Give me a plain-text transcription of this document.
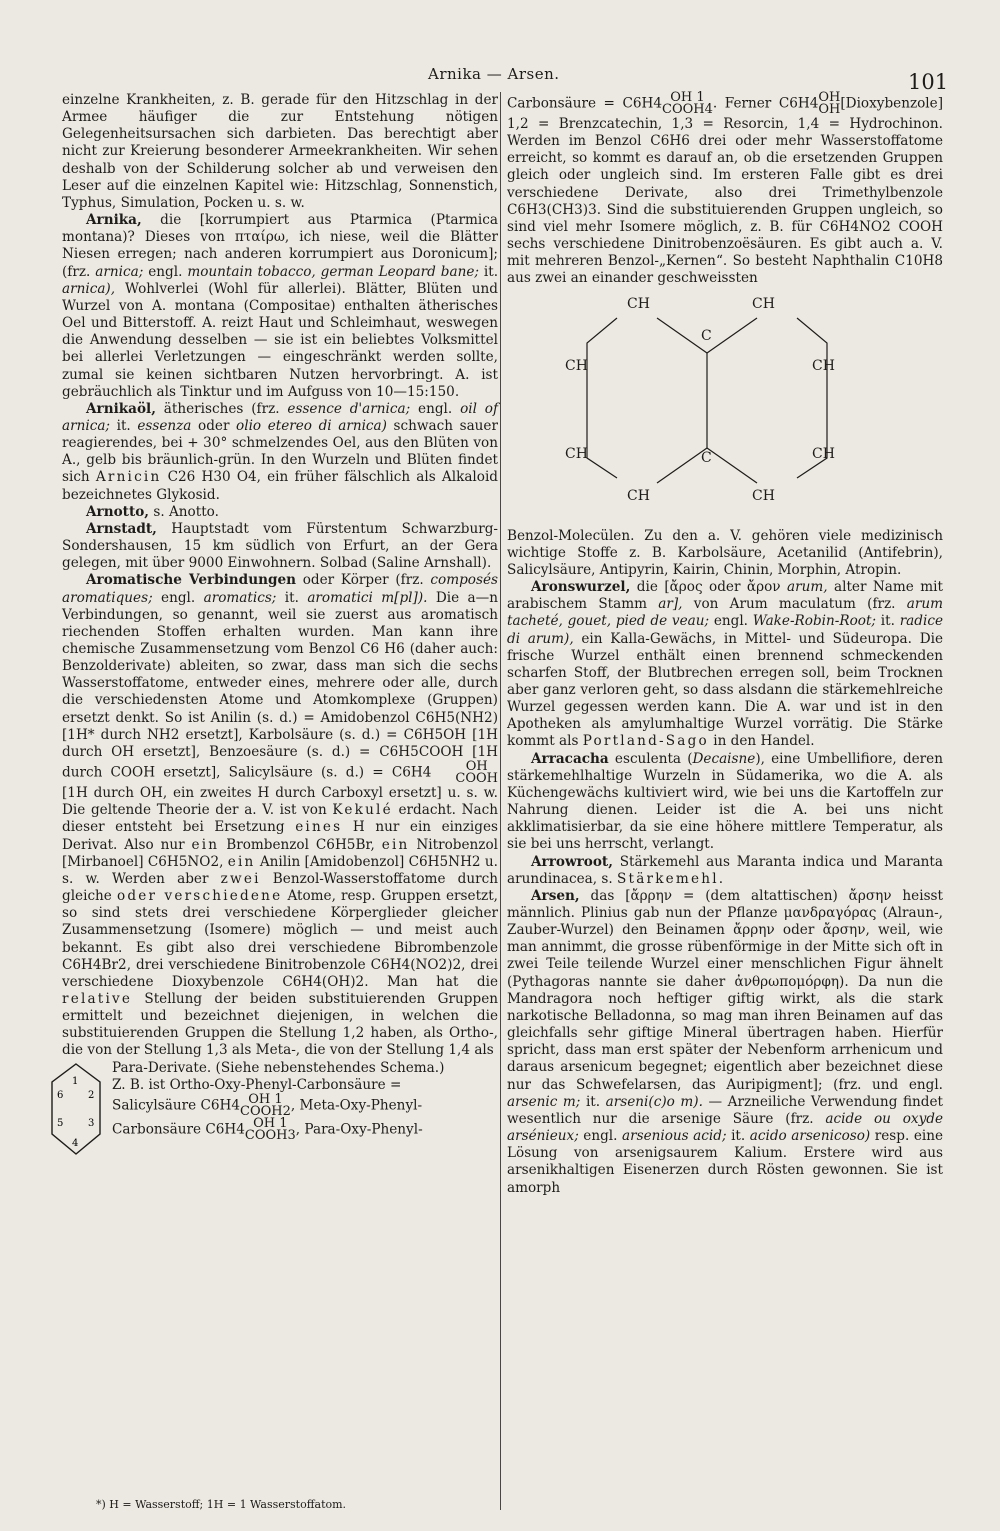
Arnika — Arsen.	101

einzelne Krankheiten, z. B. gerade für den Hitzschlag in der Armee häufiger die zur Entstehung nötigen Gelegenheitsursachen sich darbieten. Das berechtigt aber nicht zur Kreierung besonderer Armeekrankheiten. Wir sehen deshalb von der Schilderung solcher ab und verweisen den Leser auf die einzelnen Kapitel wie: Hitzschlag, Sonnenstich, Typhus, Simulation, Pocken u. s. w.

Arnika, die [korrumpiert aus Ptarmica (Ptarmica montana)? Dieses von πταίρω, ich niese, weil die Blätter Niesen erregen; nach anderen korrumpiert aus Doronicum]; (frz. arnica; engl. mountain tobacco, german Leopard bane; it. arnica), Wohlverlei (Wohl für allerlei). Blätter, Blüten und Wurzel von A. montana (Compositae) enthalten ätherisches Oel und Bitterstoff. A. reizt Haut und Schleimhaut, weswegen die Anwendung desselben — sie ist ein beliebtes Volksmittel bei allerlei Verletzungen — eingeschränkt werden sollte, zumal sie keinen sichtbaren Nutzen hervorbringt. A. ist gebräuchlich als Tinktur und im Aufguss von 10—15:150.

Arnikaöl, ätherisches (frz. essence d'arnica; engl. oil of arnica; it. essenza oder olio etereo di arnica) schwach sauer reagierendes, bei + 30° schmelzendes Oel, aus den Blüten von A., gelb bis bräunlich-grün. In den Wurzeln und Blüten findet sich Arnicin C26 H30 O4, ein früher fälschlich als Alkaloid bezeichnetes Glykosid.

Arnotto, s. Anotto.

Arnstadt, Hauptstadt vom Fürstentum Schwarzburg-Sondershausen, 15 km südlich von Erfurt, an der Gera gelegen, mit über 9000 Einwohnern. Solbad (Saline Arnshall).

Aromatische Verbindungen oder Körper (frz. composés aromatiques; engl. aromatics; it. aromatici m[pl]). Die a—n Verbindungen, so genannt, weil sie zuerst aus aromatisch riechenden Stoffen erhalten wurden. Man kann ihre chemische Zusammensetzung vom Benzol C6 H6 (daher auch: Benzolderivate) ableiten, so zwar, dass man sich die sechs Wasserstoffatome, entweder eines, mehrere oder alle, durch die verschiedensten Atome und Atomkomplexe (Gruppen) ersetzt denkt. So ist Anilin (s. d.) = Amidobenzol C6H5(NH2) [1H* durch NH2 ersetzt], Karbolsäure (s. d.) = C6H5OH [1H durch OH ersetzt], Benzoesäure (s. d.) = C6H5COOH [1H durch COOH ersetzt], Salicylsäure (s. d.) = C6H4	OH
COOH
[1H durch OH, ein zweites H durch Carboxyl ersetzt] u. s. w. Die geltende Theorie der a. V. ist von Kekulé erdacht. Nach dieser entsteht bei Ersetzung eines H nur ein einziges Derivat. Also nur ein Brombenzol C6H5Br, ein Nitrobenzol [Mirbanoel] C6H5NO2, ein Anilin [Amidobenzol] C6H5NH2 u. s. w. Werden aber zwei Benzol-Wasserstoffatome durch gleiche oder verschiedene Atome, resp. Gruppen ersetzt, so sind stets drei verschiedene Körperglieder gleicher Zusammensetzung (Isomere) möglich — und meist auch bekannt. Es gibt also drei verschiedene Bibrombenzole C6H4Br2, drei verschiedene Binitrobenzole C6H4(NO2)2, drei verschiedene Dioxybenzole C6H4(OH)2. Man hat die relative Stellung der beiden substituierenden Gruppen ermittelt und bezeichnet diejenigen, in welchen die substituierenden Gruppen die Stellung 1,2 haben, als Ortho-, die von der Stellung 1,3 als Meta-, die von der Stellung 1,4 als

1
2
3
4
5
6

Para-Derivate. (Siehe nebenstehendes Schema.)

Z. B. ist Ortho-Oxy-Phenyl-Carbonsäure =

Salicylsäure C6H4 OH 1
COOH2 , Meta-Oxy-Phenyl-

Carbonsäure C6H4 OH 1
COOH3 , Para-Oxy-Phenyl-

Carbonsäure = C6H4 OH 1
COOH4 . Ferner C6H4 OH
OH [Dioxybenzole] 1,2 = Brenzcatechin, 1,3 = Resorcin, 1,4 = Hydrochinon. Werden im Benzol C6H6 drei oder mehr Wasserstoffatome erreicht, so kommt es darauf an, ob die ersetzenden Gruppen gleich oder ungleich sind. Im ersteren Falle gibt es drei verschiedene Derivate, also drei Trimethylbenzole C6H3(CH3)3. Sind die substituierenden Gruppen ungleich, so sind viel mehr Isomere möglich, z. B. für C6H4NO2 COOH sechs verschiedene Dinitrobenzoësäuren. Es gibt auch a. V. mit mehreren Benzol-„Kernen“. So besteht Naphthalin C10H8 aus zwei an einander geschweissten

CH	CH
C
CH	CH
CH	C	CH
CH	CH

Benzol-Molecülen. Zu den a. V. gehören viele medizinisch wichtige Stoffe z. B. Karbolsäure, Acetanilid (Antifebrin), Salicylsäure, Antipyrin, Kairin, Chinin, Morphin, Atropin.

Aronswurzel, die [ἄρος oder ἄρον arum, alter Name mit arabischem Stamm ar], von Arum maculatum (frz. arum tacheté, gouet, pied de veau; engl. Wake-Robin-Root; it. radice di arum), ein Kalla-Gewächs, in Mittel- und Südeuropa. Die frische Wurzel enthält einen brennend schmeckenden scharfen Stoff, der Blutbrechen erregen soll, beim Trocknen aber ganz verloren geht, so dass alsdann die stärkemehlreiche Wurzel gegessen werden kann. Die A. war und ist in den Apotheken als amylumhaltige Wurzel vorrätig. Die Stärke kommt als Portland-Sago in den Handel.

Arracacha esculenta (Decaisne), eine Umbellifiore, deren stärkemehlhaltige Wurzeln in Südamerika, wo die A. als Küchengewächs kultiviert wird, wie bei uns die Kartoffeln zur Nahrung dienen. Leider ist die A. bei uns nicht akklimatisierbar, da sie eine höhere mittlere Temperatur, als sie bei uns herrscht, verlangt.

Arrowroot, Stärkemehl aus Maranta indica und Maranta arundinacea, s. Stärkemehl.

Arsen, das [ἄρρην = (dem altattischen) ἄρσην heisst männlich. Plinius gab nun der Pflanze μανδραγόρας (Alraun-, Zauber-Wurzel) den Beinamen ἄρρην oder ἄρσην, weil, wie man annimmt, die grosse rübenförmige in der Mitte sich oft in zwei Teile teilende Wurzel einer menschlichen Figur ähnelt (Pythagoras nannte sie daher ἀνθρωπομόρφη). Da nun die Mandragora noch heftiger giftig wirkt, als die stark narkotische Belladonna, so mag man ihren Beinamen auf das gleichfalls sehr giftige Mineral übertragen haben. Hierfür spricht, dass man erst später der Nebenform arrhenicum und daraus arsenicum begegnet; eigentlich aber bezeichnet diese nur das Schwefelarsen, das Auripigment]; (frz. und engl. arsenic m; it. arseni(c)o m). — Arzneiliche Verwendung findet wesentlich nur die arsenige Säure (frz. acide ou oxyde arsénieux; engl. arsenious acid; it. acido arsenicoso) resp. eine Lösung von arsenigsaurem Kalium. Erstere wird aus arsenikhaltigen Eisenerzen durch Rösten gewonnen. Sie ist amorph

*) H = Wasserstoff; 1H = 1 Wasserstoffatom.
